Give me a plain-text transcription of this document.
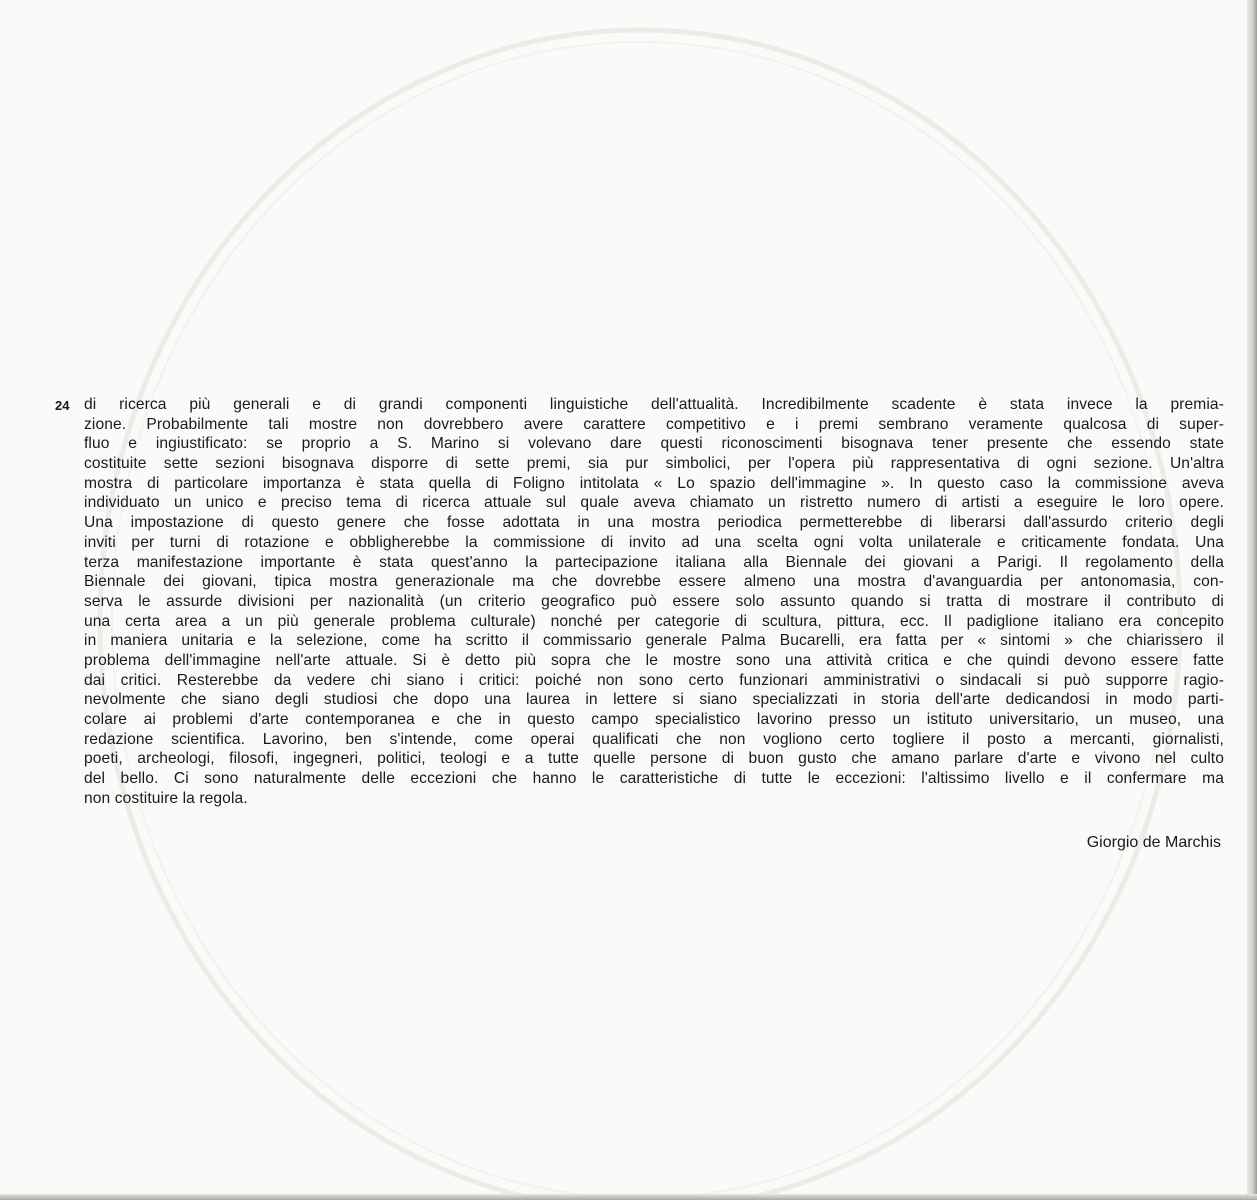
24 di ricerca più generali e di grandi componenti linguistiche dell'attualità. Incredibilmente scadente è stata invece la premia-
zione. Probabilmente tali mostre non dovrebbero avere carattere competitivo e i premi sembrano veramente qualcosa di super-
fluo e ingiustificato: se proprio a S. Marino si volevano dare questi riconoscimenti bisognava tener presente che essendo state
costituite sette sezioni bisognava disporre di sette premi, sia pur simbolici, per l'opera più rappresentativa di ogni sezione. Un'altra
mostra di particolare importanza è stata quella di Foligno intitolata « Lo spazio dell'immagine ». In questo caso la commissione aveva
individuato un unico e preciso tema di ricerca attuale sul quale aveva chiamato un ristretto numero di artisti a eseguire le loro opere.
Una impostazione di questo genere che fosse adottata in una mostra periodica permetterebbe di liberarsi dall'assurdo criterio degli
inviti per turni di rotazione e obbligherebbe la commissione di invito ad una scelta ogni volta unilaterale e criticamente fondata. Una
terza manifestazione importante è stata quest'anno la partecipazione italiana alla Biennale dei giovani a Parigi. Il regolamento della
Biennale dei giovani, tipica mostra generazionale ma che dovrebbe essere almeno una mostra d'avanguardia per antonomasia, con-
serva le assurde divisioni per nazionalità (un criterio geografico può essere solo assunto quando si tratta di mostrare il contributo di
una certa area a un più generale problema culturale) nonché per categorie di scultura, pittura, ecc. Il padiglione italiano era concepito
in maniera unitaria e la selezione, come ha scritto il commissario generale Palma Bucarelli, era fatta per « sintomi » che chiarissero il
problema dell'immagine nell'arte attuale. Si è detto più sopra che le mostre sono una attività critica e che quindi devono essere fatte
dai critici. Resterebbe da vedere chi siano i critici: poiché non sono certo funzionari amministrativi o sindacali si può supporre ragio-
nevolmente che siano degli studiosi che dopo una laurea in lettere si siano specializzati in storia dell'arte dedicandosi in modo parti-
colare ai problemi d'arte contemporanea e che in questo campo specialistico lavorino presso un istituto universitario, un museo, una
redazione scientifica. Lavorino, ben s'intende, come operai qualificati che non vogliono certo togliere il posto a mercanti, giornalisti,
poeti, archeologi, filosofi, ingegneri, politici, teologi e a tutte quelle persone di buon gusto che amano parlare d'arte e vivono nel culto
del bello. Ci sono naturalmente delle eccezioni che hanno le caratteristiche di tutte le eccezioni: l'altissimo livello e il confermare ma
non costituire la regola.
Giorgio de Marchis
